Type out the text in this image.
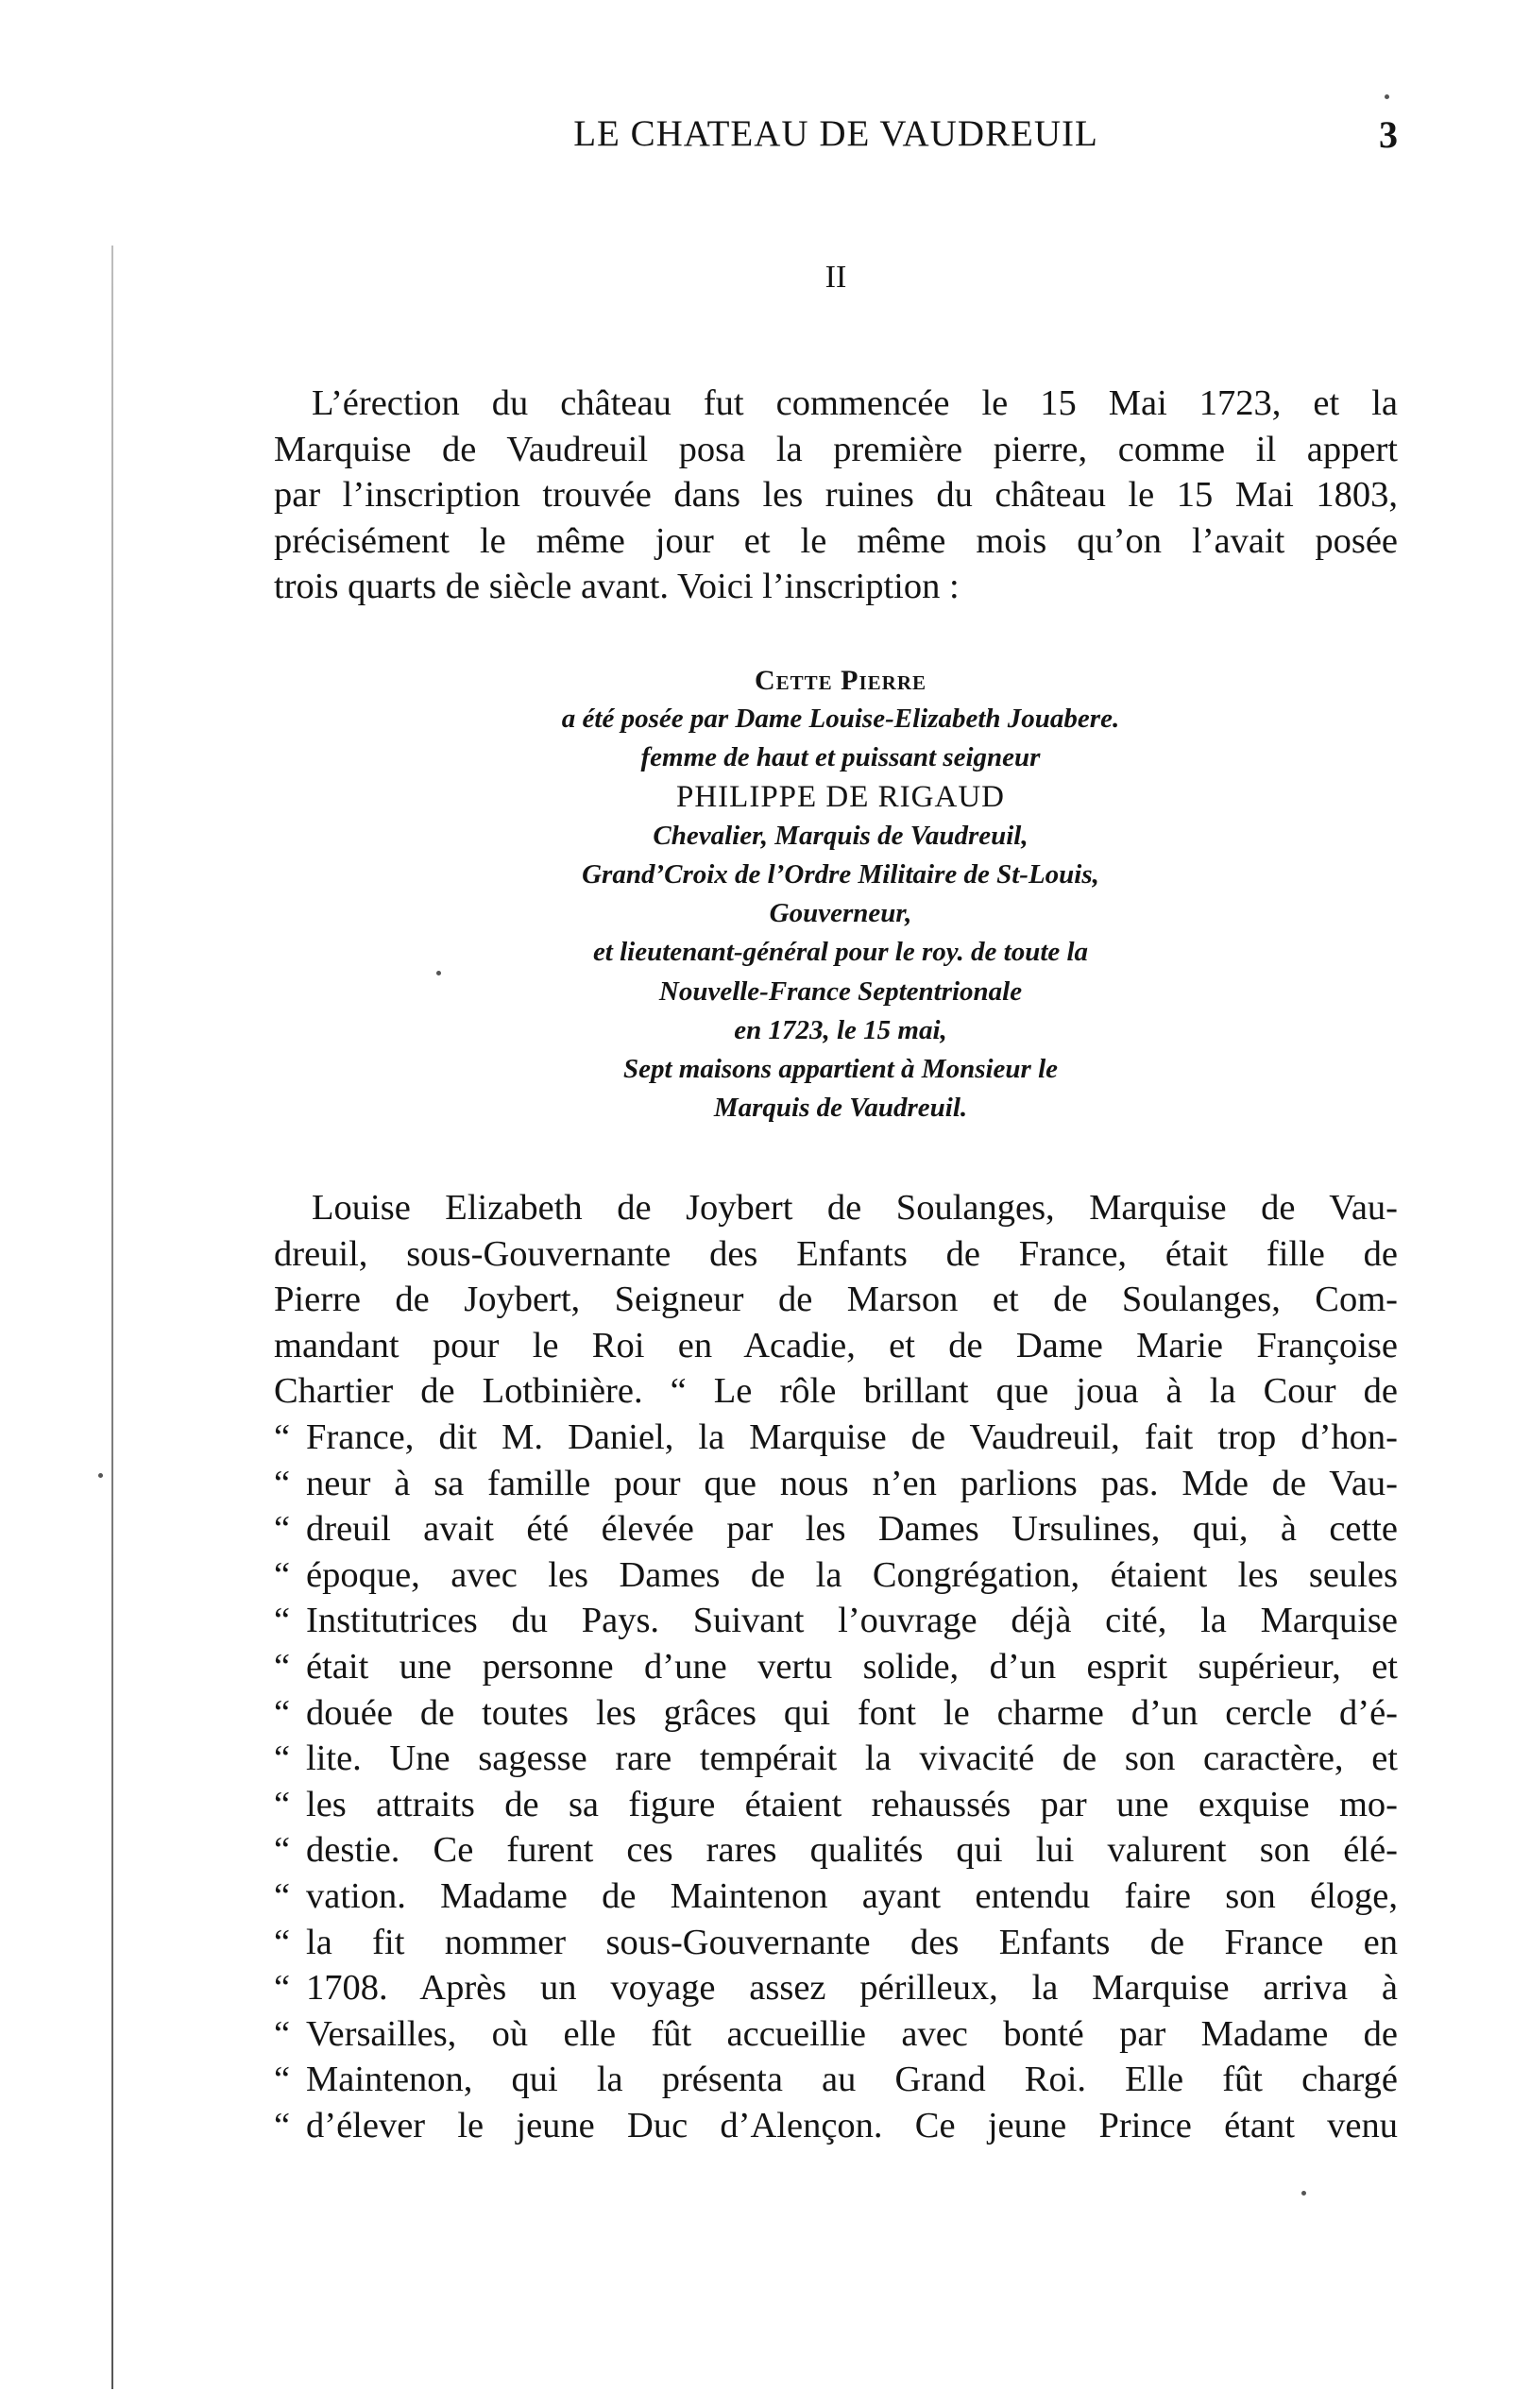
LE CHATEAU DE VAUDREUIL	3
II

L’érection du château fut commencée le 15 Mai 1723, et la
Marquise de Vaudreuil posa la première pierre, comme il appert
par l’inscription trouvée dans les ruines du château le 15 Mai 1803,
précisément le même jour et le même mois qu’on l’avait posée
trois quarts de siècle avant. Voici l’inscription :

Cette Pierre
a été posée par Dame Louise-Elizabeth Jouabere.
femme de haut et puissant seigneur
PHILIPPE DE RIGAUD
Chevalier, Marquis de Vaudreuil,
Grand’Croix de l’Ordre Militaire de St-Louis,
Gouverneur,
et lieutenant-général pour le roy. de toute la
Nouvelle-France Septentrionale
en 1723, le 15 mai,
Sept maisons appartient à Monsieur le
Marquis de Vaudreuil.

Louise Elizabeth de Joybert de Soulanges, Marquise de Vau-
dreuil, sous-Gouvernante des Enfants de France, était fille de
Pierre de Joybert, Seigneur de Marson et de Soulanges, Com-
mandant pour le Roi en Acadie, et de Dame Marie Françoise
Chartier de Lotbinière. “ Le rôle brillant que joua à la Cour de
“ France, dit M. Daniel, la Marquise de Vaudreuil, fait trop d’hon-
“ neur à sa famille pour que nous n’en parlions pas. Mde de Vau-
“ dreuil avait été élevée par les Dames Ursulines, qui, à cette
“ époque, avec les Dames de la Congrégation, étaient les seules
“ Institutrices du Pays. Suivant l’ouvrage déjà cité, la Marquise
“ était une personne d’une vertu solide, d’un esprit supérieur, et
“ douée de toutes les grâces qui font le charme d’un cercle d’é-
“ lite. Une sagesse rare tempérait la vivacité de son caractère, et
“ les attraits de sa figure étaient rehaussés par une exquise mo-
“ destie. Ce furent ces rares qualités qui lui valurent son élé-
“ vation. Madame de Maintenon ayant entendu faire son éloge,
“ la fit nommer sous-Gouvernante des Enfants de France en
“ 1708. Après un voyage assez périlleux, la Marquise arriva à
“ Versailles, où elle fût accueillie avec bonté par Madame de
“ Maintenon, qui la présenta au Grand Roi. Elle fût chargé
“ d’élever le jeune Duc d’Alençon. Ce jeune Prince étant venu
